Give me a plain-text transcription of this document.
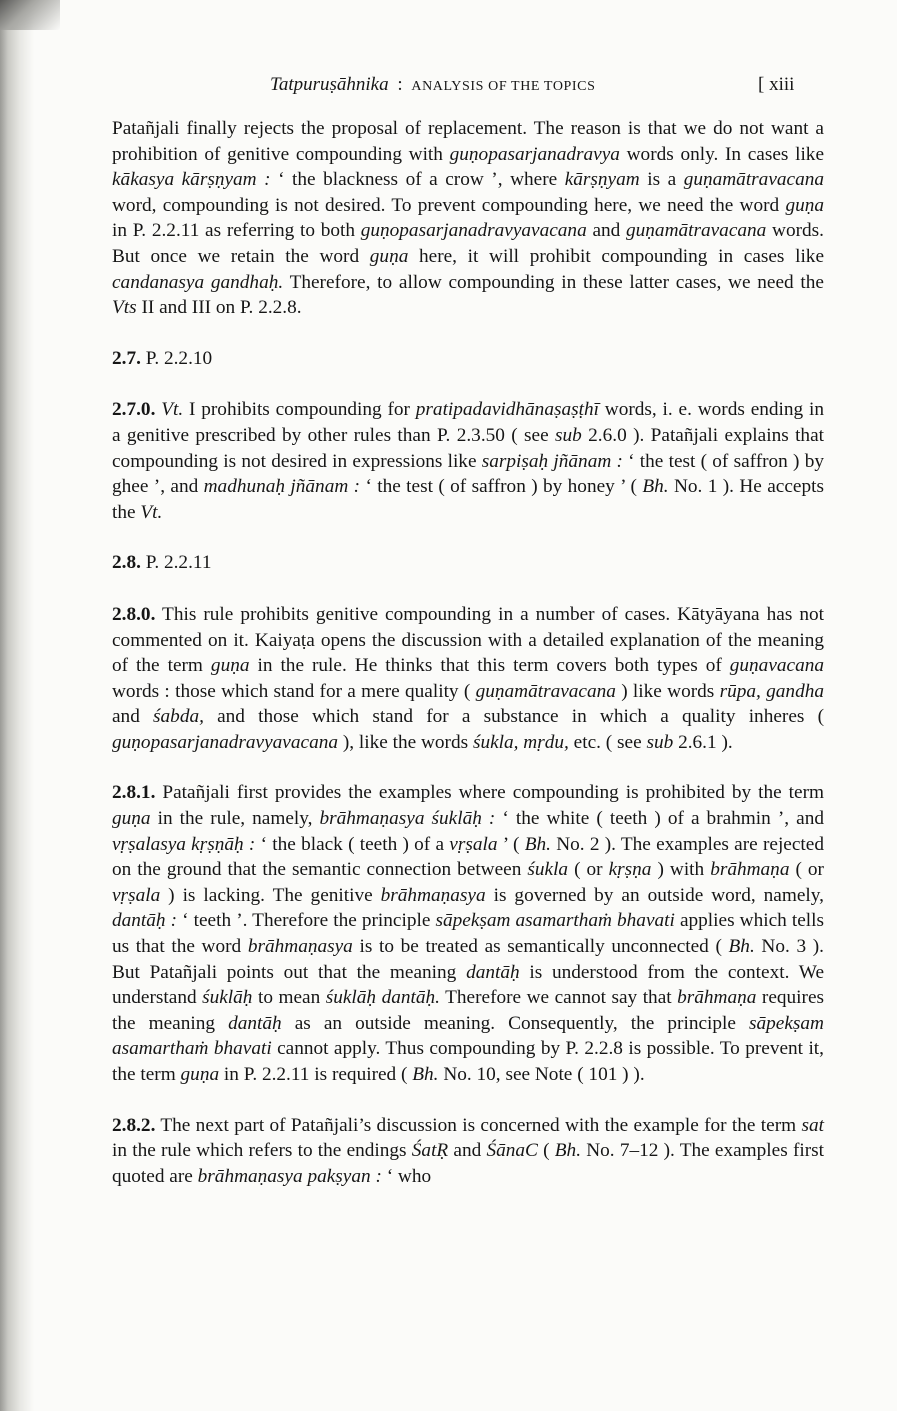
Tatpuruṣāhnika : ANALYSIS OF THE TOPICS	[ xiii

Patañjali finally rejects the proposal of replacement. The reason is that we do not want a prohibition of genitive compounding with guṇopasarjanadravya words only. In cases like kākasya kārṣṇyam : ‘ the blackness of a crow ’, where kārṣṇyam is a guṇamātravacana word, compounding is not desired. To prevent compounding here, we need the word guṇa in P. 2.2.11 as referring to both guṇopasarjanadravyavacana and guṇamātravacana words. But once we retain the word guṇa here, it will prohibit compounding in cases like candanasya gandhaḥ. Therefore, to allow compounding in these latter cases, we need the Vts II and III on P. 2.2.8.

2.7. P. 2.2.10

2.7.0. Vt. I prohibits compounding for pratipadavidhānaṣaṣṭhī words, i. e. words ending in a genitive prescribed by other rules than P. 2.3.50 ( see sub 2.6.0 ). Patañjali explains that compounding is not desired in expressions like sarpiṣaḥ jñānam : ‘ the test ( of saffron ) by ghee ’, and madhunaḥ jñānam : ‘ the test ( of saffron ) by honey ’ ( Bh. No. 1 ). He accepts the Vt.

2.8. P. 2.2.11

2.8.0. This rule prohibits genitive compounding in a number of cases. Kātyāyana has not commented on it. Kaiyaṭa opens the discussion with a detailed explanation of the meaning of the term guṇa in the rule. He thinks that this term covers both types of guṇavacana words : those which stand for a mere quality ( guṇamātravacana ) like words rūpa, gandha and śabda, and those which stand for a substance in which a quality inheres ( guṇopasarjanadravyavacana ), like the words śukla, mṛdu, etc. ( see sub 2.6.1 ).

2.8.1. Patañjali first provides the examples where compounding is prohibited by the term guṇa in the rule, namely, brāhmaṇasya śuklāḥ : ‘ the white ( teeth ) of a brahmin ’, and vṛṣalasya kṛṣṇāḥ : ‘ the black ( teeth ) of a vṛṣala ’ ( Bh. No. 2 ). The examples are rejected on the ground that the semantic connection between śukla ( or kṛṣṇa ) with brāhmaṇa ( or vṛṣala ) is lacking. The genitive brāhmaṇasya is governed by an outside word, namely, dantāḥ : ‘ teeth ’. Therefore the principle sāpekṣam asamarthaṁ bhavati applies which tells us that the word brāhmaṇasya is to be treated as semantically unconnected ( Bh. No. 3 ). But Patañjali points out that the meaning dantāḥ is understood from the context. We understand śuklāḥ to mean śuklāḥ dantāḥ. Therefore we cannot say that brāhmaṇa requires the meaning dantāḥ as an outside meaning. Consequently, the principle sāpekṣam asamarthaṁ bhavati cannot apply. Thus compounding by P. 2.2.8 is possible. To prevent it, the term guṇa in P. 2.2.11 is required ( Bh. No. 10, see Note ( 101 ) ).

2.8.2. The next part of Patañjali’s discussion is concerned with the example for the term sat in the rule which refers to the endings ŚatṚ and ŚānaC ( Bh. No. 7–12 ). The examples first quoted are brāhmaṇasya pakṣyan : ‘ who
